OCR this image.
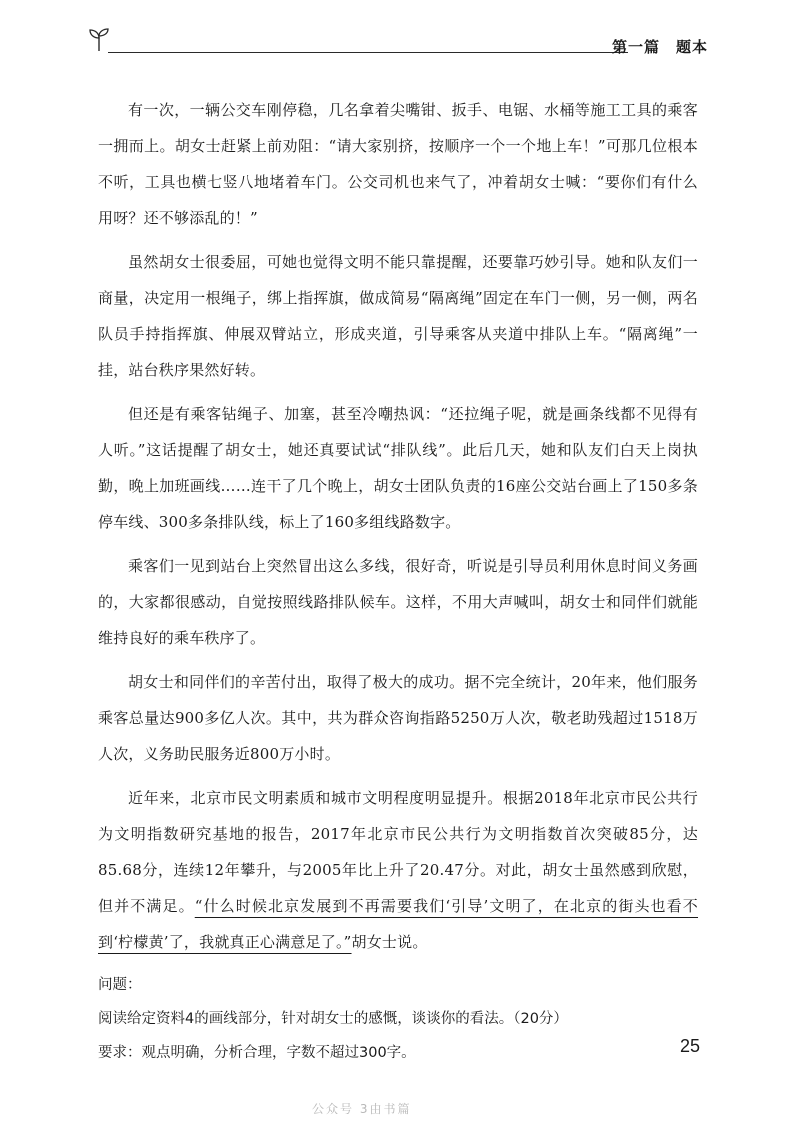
第一篇　题本

有一次，一辆公交车刚停稳，几名拿着尖嘴钳、扳手、电锯、水桶等施工工具的乘客一拥而上。胡女士赶紧上前劝阻：“请大家别挤，按顺序一个一个地上车！”可那几位根本不听，工具也横七竖八地堵着车门。公交司机也来气了，冲着胡女士喊：“要你们有什么用呀？还不够添乱的！”

虽然胡女士很委屈，可她也觉得文明不能只靠提醒，还要靠巧妙引导。她和队友们一商量，决定用一根绳子，绑上指挥旗，做成简易“隔离绳”固定在车门一侧，另一侧，两名队员手持指挥旗、伸展双臂站立，形成夹道，引导乘客从夹道中排队上车。“隔离绳”一挂，站台秩序果然好转。

但还是有乘客钻绳子、加塞，甚至冷嘲热讽：“还拉绳子呢，就是画条线都不见得有人听。”这话提醒了胡女士，她还真要试试“排队线”。此后几天，她和队友们白天上岗执勤，晚上加班画线……连干了几个晚上，胡女士团队负责的16座公交站台画上了150多条停车线、300多条排队线，标上了160多组线路数字。

乘客们一见到站台上突然冒出这么多线，很好奇，听说是引导员利用休息时间义务画的，大家都很感动，自觉按照线路排队候车。这样，不用大声喊叫，胡女士和同伴们就能维持良好的乘车秩序了。

胡女士和同伴们的辛苦付出，取得了极大的成功。据不完全统计，20年来，他们服务乘客总量达900多亿人次。其中，共为群众咨询指路5250万人次，敬老助残超过1518万人次，义务助民服务近800万小时。

近年来，北京市民文明素质和城市文明程度明显提升。根据2018年北京市民公共行为文明指数研究基地的报告，2017年北京市民公共行为文明指数首次突破85分，达85.68分，连续12年攀升，与2005年比上升了20.47分。对此，胡女士虽然感到欣慰，但并不满足。“什么时候北京发展到不再需要我们‘引导’文明了，在北京的街头也看不到‘柠檬黄’了，我就真正心满意足了。”胡女士说。

问题：

阅读给定资料4的画线部分，针对胡女士的感慨，谈谈你的看法。（20分）

要求：观点明确，分析合理，字数不超过300字。	25
公众号 3由书篇
